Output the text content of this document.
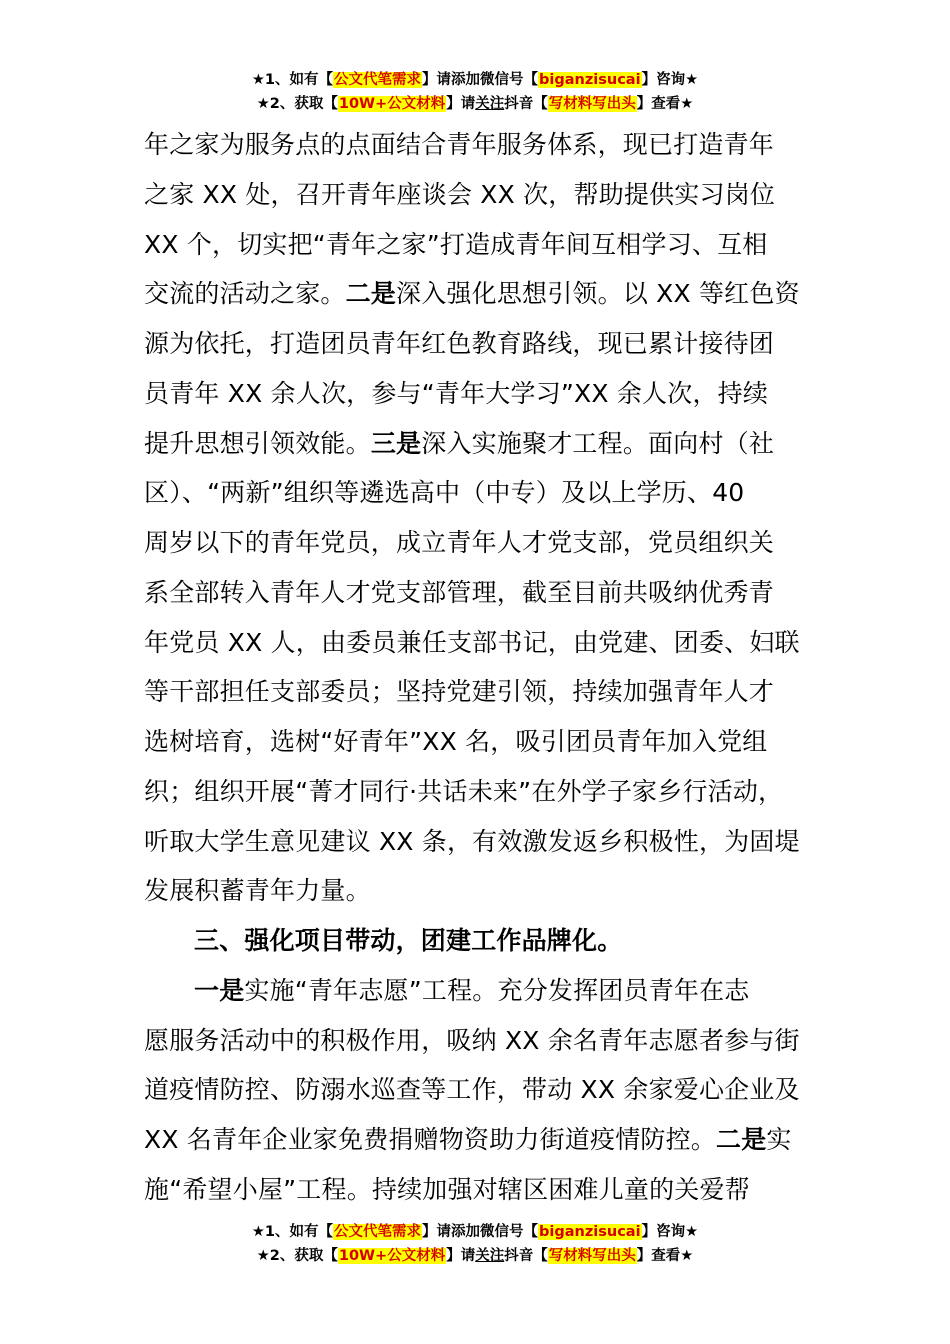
★1、如有【公文代笔需求】请添加微信号【biganzisucai】咨询★
★2、获取【10W+公文材料】请关注抖音【写材料写出头】查看★
年之家为服务点的点面结合青年服务体系，现已打造青年
之家 XX 处，召开青年座谈会 XX 次，帮助提供实习岗位
XX 个，切实把“青年之家”打造成青年间互相学习、互相
交流的活动之家。二是深入强化思想引领。以 XX 等红色资
源为依托，打造团员青年红色教育路线，现已累计接待团
员青年 XX 余人次，参与“青年大学习”XX 余人次，持续
提升思想引领效能。三是深入实施聚才工程。面向村（社
区）、“两新”组织等遴选高中（中专）及以上学历、40
周岁以下的青年党员，成立青年人才党支部，党员组织关
系全部转入青年人才党支部管理，截至目前共吸纳优秀青
年党员 XX 人，由委员兼任支部书记，由党建、团委、妇联
等干部担任支部委员；坚持党建引领，持续加强青年人才
选树培育，选树“好青年”XX 名，吸引团员青年加入党组
织；组织开展“菁才同行·共话未来”在外学子家乡行活动，
听取大学生意见建议 XX 条，有效激发返乡积极性，为固堤
发展积蓄青年力量。
三、强化项目带动，团建工作品牌化。
一是实施“青年志愿”工程。充分发挥团员青年在志
愿服务活动中的积极作用，吸纳 XX 余名青年志愿者参与街
道疫情防控、防溺水巡查等工作，带动 XX 余家爱心企业及
XX 名青年企业家免费捐赠物资助力街道疫情防控。二是实
施“希望小屋”工程。持续加强对辖区困难儿童的关爱帮
★1、如有【公文代笔需求】请添加微信号【biganzisucai】咨询★
★2、获取【10W+公文材料】请关注抖音【写材料写出头】查看★
